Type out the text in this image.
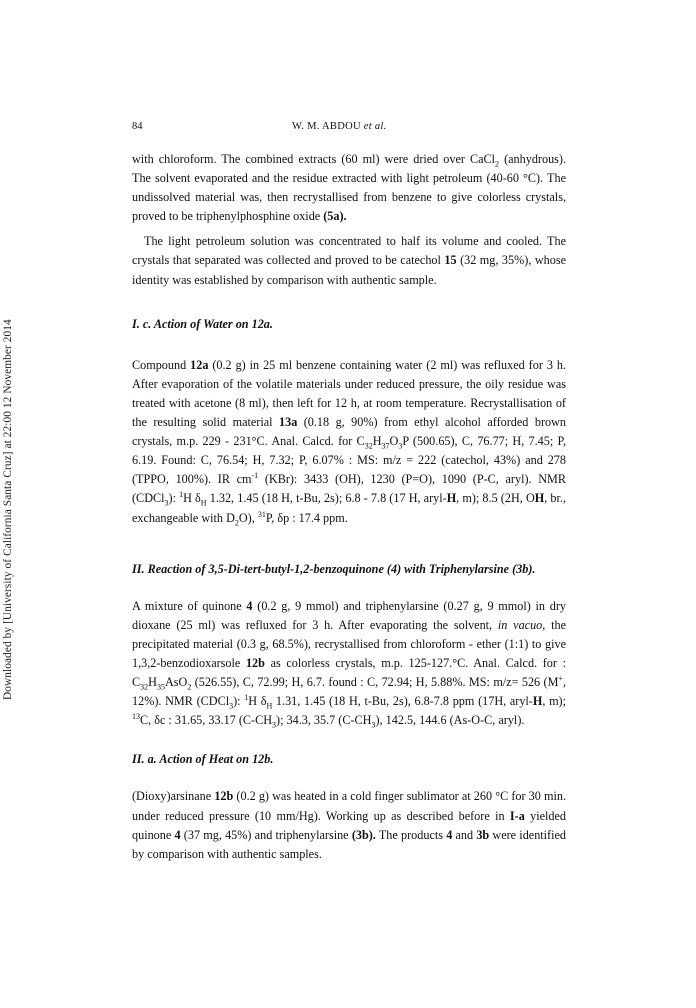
Downloaded by [University of California Santa Cruz] at 22:00 12 November 2014
84	W. M. ABDOU et al.

with chloroform. The combined extracts (60 ml) were dried over CaCl$_2$ (anhydrous). The solvent evaporated and the residue extracted with light petroleum (40-60 °C). The undissolved material was, then recrystallised from benzene to give colorless crystals, proved to be triphenylphosphine oxide (5a).

The light petroleum solution was concentrated to half its volume and cooled. The crystals that separated was collected and proved to be catechol 15 (32 mg, 35%), whose identity was established by comparison with authentic sample.

I. c. Action of Water on 12a.

Compound 12a (0.2 g) in 25 ml benzene containing water (2 ml) was refluxed for 3 h. After evaporation of the volatile materials under reduced pressure, the oily residue was treated with acetone (8 ml), then left for 12 h, at room temperature. Recrystallisation of the resulting solid material 13a (0.18 g, 90%) from ethyl alcohol afforded brown crystals, m.p. 229 - 231°C. Anal. Calcd. for $C_{32}H_{37}O_3P$ (500.65), C, 76.77; H, 7.45; P, 6.19. Found: C, 76.54; H, 7.32; P, 6.07% : MS: m/z = 222 (catechol, 43%) and 278 (TPPO, 100%). IR $cm^{-1}$ (KBr): 3433 (OH), 1230 (P=O), 1090 (P-C, aryl). NMR (CDCl$_3$): $^1$H $\delta_H$ 1.32, 1.45 (18 H, t-Bu, 2s); 6.8 - 7.8 (17 H, aryl-H, m); 8.5 (2H, OH, br., exchangeable with $D_2O$), $^{31}$P, δp : 17.4 ppm.

II. Reaction of 3,5-Di-tert-butyl-1,2-benzoquinone (4) with Triphenylarsine (3b).

A mixture of quinone 4 (0.2 g, 9 mmol) and triphenylarsine (0.27 g, 9 mmol) in dry dioxane (25 ml) was refluxed for 3 h. After evaporating the solvent, in vacuo, the precipitated material (0.3 g, 68.5%), recrystallised from chloroform - ether (1:1) to give 1,3,2-benzodioxarsole 12b as colorless crystals, m.p. 125-127.°C. Anal. Calcd. for : $C_{32}H_{35}AsO_2$ (526.55), C, 72.99; H, 6.7. found : C, 72.94; H, 5.88%. MS: m/z= 526 (M+, 12%). NMR (CDCl$_3$): $^1$H $\delta_H$ 1.31, 1.45 (18 H, t-Bu, 2s), 6.8-7.8 ppm (17H, aryl-H, m); $^{13}$C, δc : 31.65, 33.17 $(C-CH_3)$; 34.3, 35.7 $(C-CH_3)$, 142.5, 144.6 (As-O-C, aryl).

II. a. Action of Heat on 12b.

(Dioxy)arsinane 12b (0.2 g) was heated in a cold finger sublimator at 260 °C for 30 min. under reduced pressure (10 mm/Hg). Working up as described before in I-a yielded quinone 4 (37 mg, 45%) and triphenylarsine (3b). The products 4 and 3b were identified by comparison with authentic samples.
